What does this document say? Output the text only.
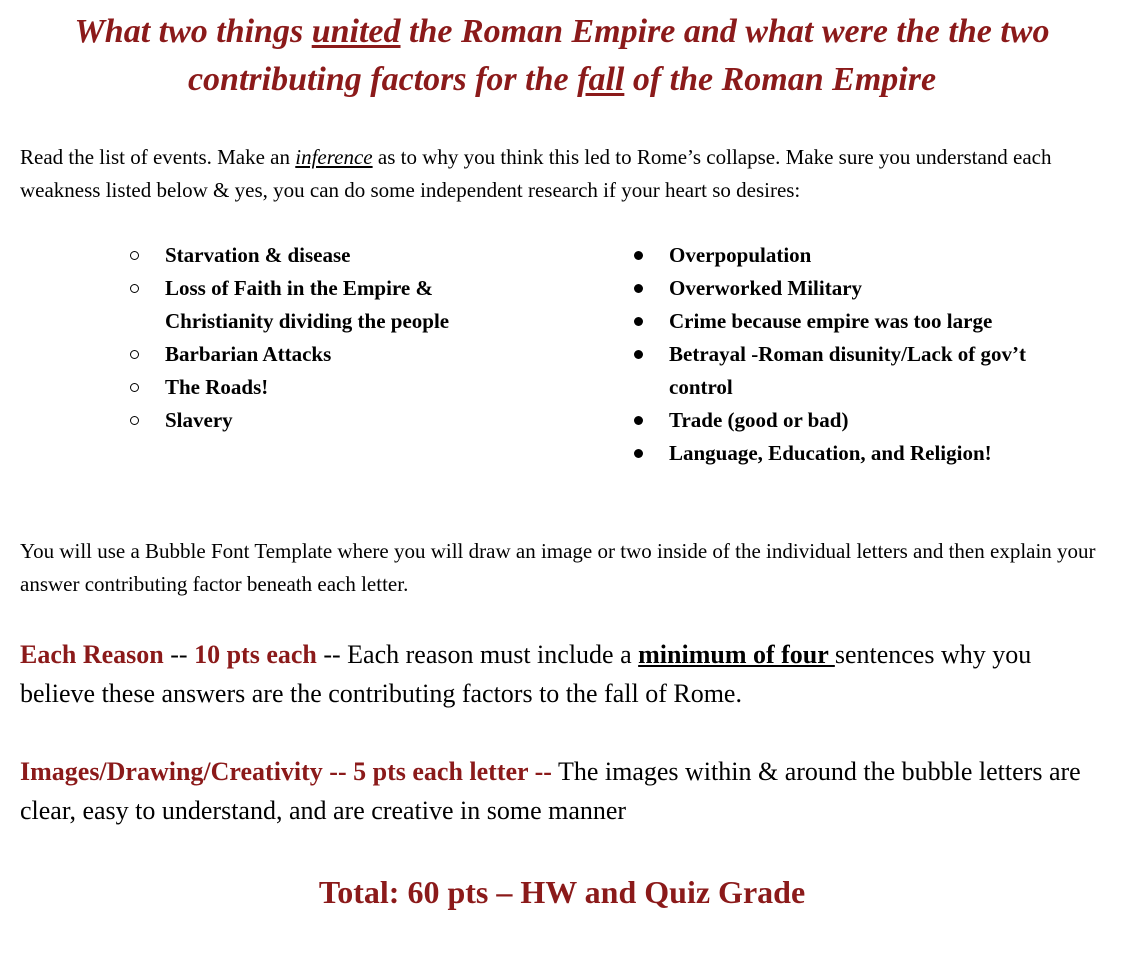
What two things united the Roman Empire and what were the the two
contributing factors for the fall of the Roman Empire

Read the list of events. Make an inference as to why you think this led to Rome’s collapse. Make sure you understand each weakness listed below & yes, you can do some independent research if your heart so desires:

Starvation & disease
Loss of Faith in the Empire & Christianity dividing the people
Barbarian Attacks
The Roads!
Slavery
Overpopulation
Overworked Military
Crime because empire was too large
Betrayal -Roman disunity/Lack of gov’t control
Trade (good or bad)
Language, Education, and Religion!

You will use a Bubble Font Template where you will draw an image or two inside of the individual letters and then explain your answer contributing factor beneath each letter.

Each Reason -- 10 pts each -- Each reason must include a minimum of four sentences why you believe these answers are the contributing factors to the fall of Rome.

Images/Drawing/Creativity -- 5 pts each letter -- The images within & around the bubble letters are clear, easy to understand, and are creative in some manner

Total: 60 pts – HW and Quiz Grade
